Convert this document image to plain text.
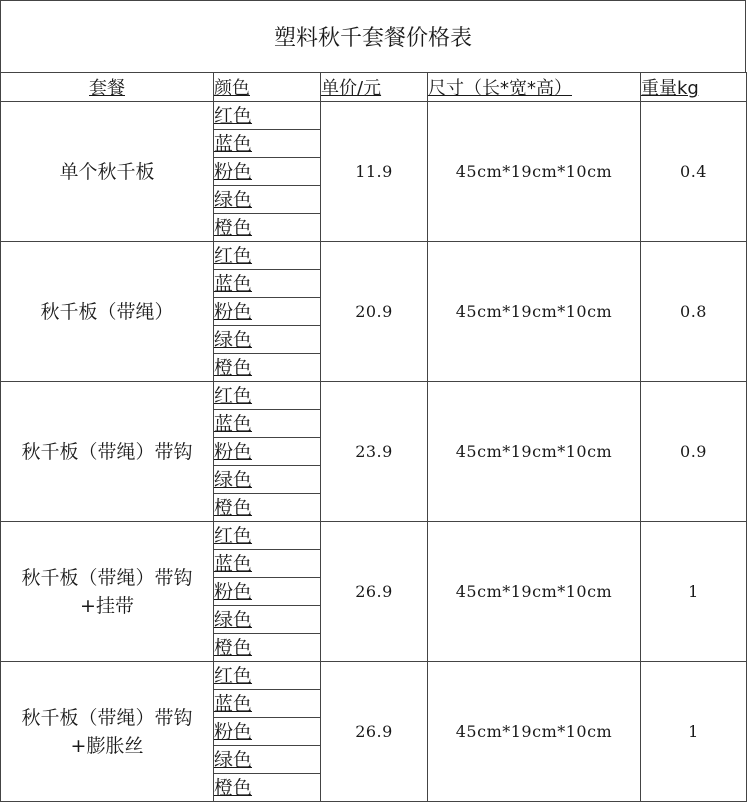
塑料秋千套餐价格表
套餐	颜色	单价/元	尺寸（长*宽*高）	重量kg
单个秋千板	红色	11.9	45cm*19cm*10cm	0.4
	蓝色			
	粉色			
	绿色			
	橙色			
秋千板（带绳）	红色	20.9	45cm*19cm*10cm	0.8
	蓝色			
	粉色			
	绿色			
	橙色			
秋千板（带绳）带钩	红色	23.9	45cm*19cm*10cm	0.9
	蓝色			
	粉色			
	绿色			
	橙色			
秋千板（带绳）带钩+挂带	红色	26.9	45cm*19cm*10cm	1
	蓝色			
	粉色			
	绿色			
	橙色			
秋千板（带绳）带钩+膨胀丝	红色	26.9	45cm*19cm*10cm	1
	蓝色			
	粉色			
	绿色			
	橙色			
